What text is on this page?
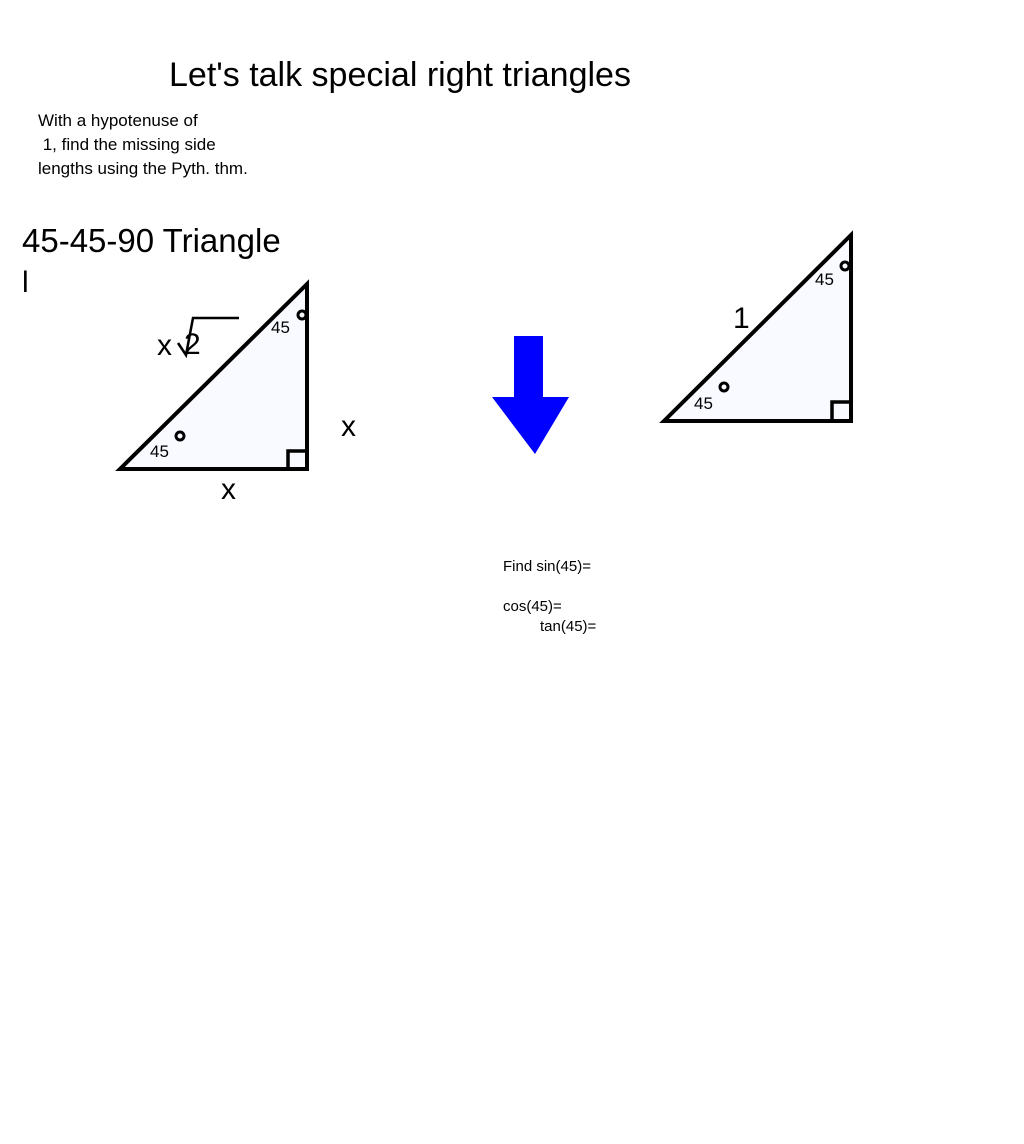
Let's talk special right triangles
With a hypotenuse of
1, find the missing side
lengths using the Pyth. thm.
45-45-90 Triangle
l
x 2
45
45
x
x
1
45
45
Find sin(45)=
cos(45)=
tan(45)=
